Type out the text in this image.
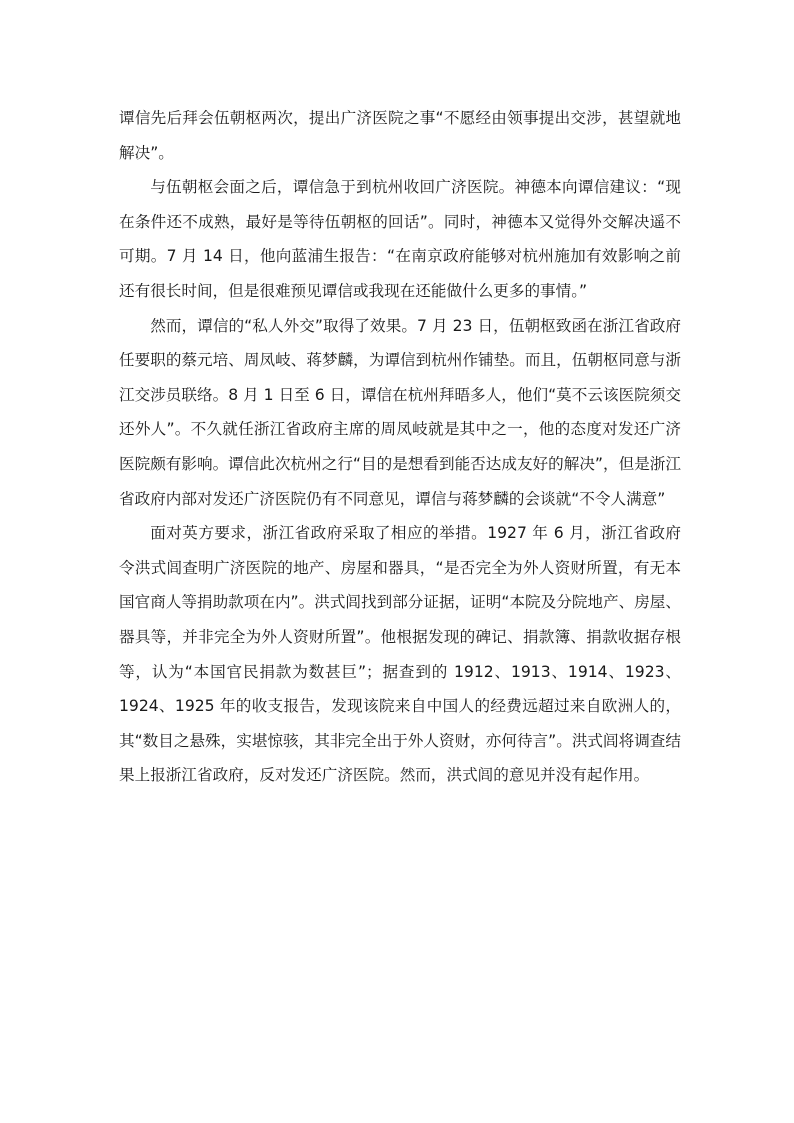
谭信先后拜会伍朝枢两次，提出广济医院之事“不愿经由领事提出交涉，甚望就地解决”。

与伍朝枢会面之后，谭信急于到杭州收回广济医院。神德本向谭信建议：“现在条件还不成熟，最好是等待伍朝枢的回话”。同时，神德本又觉得外交解决遥不可期。7 月 14 日，他向蓝浦生报告：“在南京政府能够对杭州施加有效影响之前还有很长时间，但是很难预见谭信或我现在还能做什么更多的事情。”

然而，谭信的“私人外交”取得了效果。7 月 23 日，伍朝枢致函在浙江省政府任要职的蔡元培、周凤岐、蒋梦麟，为谭信到杭州作铺垫。而且，伍朝枢同意与浙江交涉员联络。8 月 1 日至 6 日，谭信在杭州拜晤多人，他们“莫不云该医院须交还外人”。不久就任浙江省政府主席的周凤岐就是其中之一，他的态度对发还广济医院颇有影响。谭信此次杭州之行“目的是想看到能否达成友好的解决”，但是浙江省政府内部对发还广济医院仍有不同意见，谭信与蒋梦麟的会谈就“不令人满意”

面对英方要求，浙江省政府采取了相应的举措。1927 年 6 月，浙江省政府令洪式闾查明广济医院的地产、房屋和器具，“是否完全为外人资财所置，有无本国官商人等捐助款项在内”。洪式闾找到部分证据，证明“本院及分院地产、房屋、器具等，并非完全为外人资财所置”。他根据发现的碑记、捐款簿、捐款收据存根等，认为“本国官民捐款为数甚巨”；据查到的 1912、1913、1914、1923、1924、1925 年的收支报告，发现该院来自中国人的经费远超过来自欧洲人的，其“数目之悬殊，实堪惊骇，其非完全出于外人资财，亦何待言”。洪式闾将调查结果上报浙江省政府，反对发还广济医院。然而，洪式闾的意见并没有起作用。
